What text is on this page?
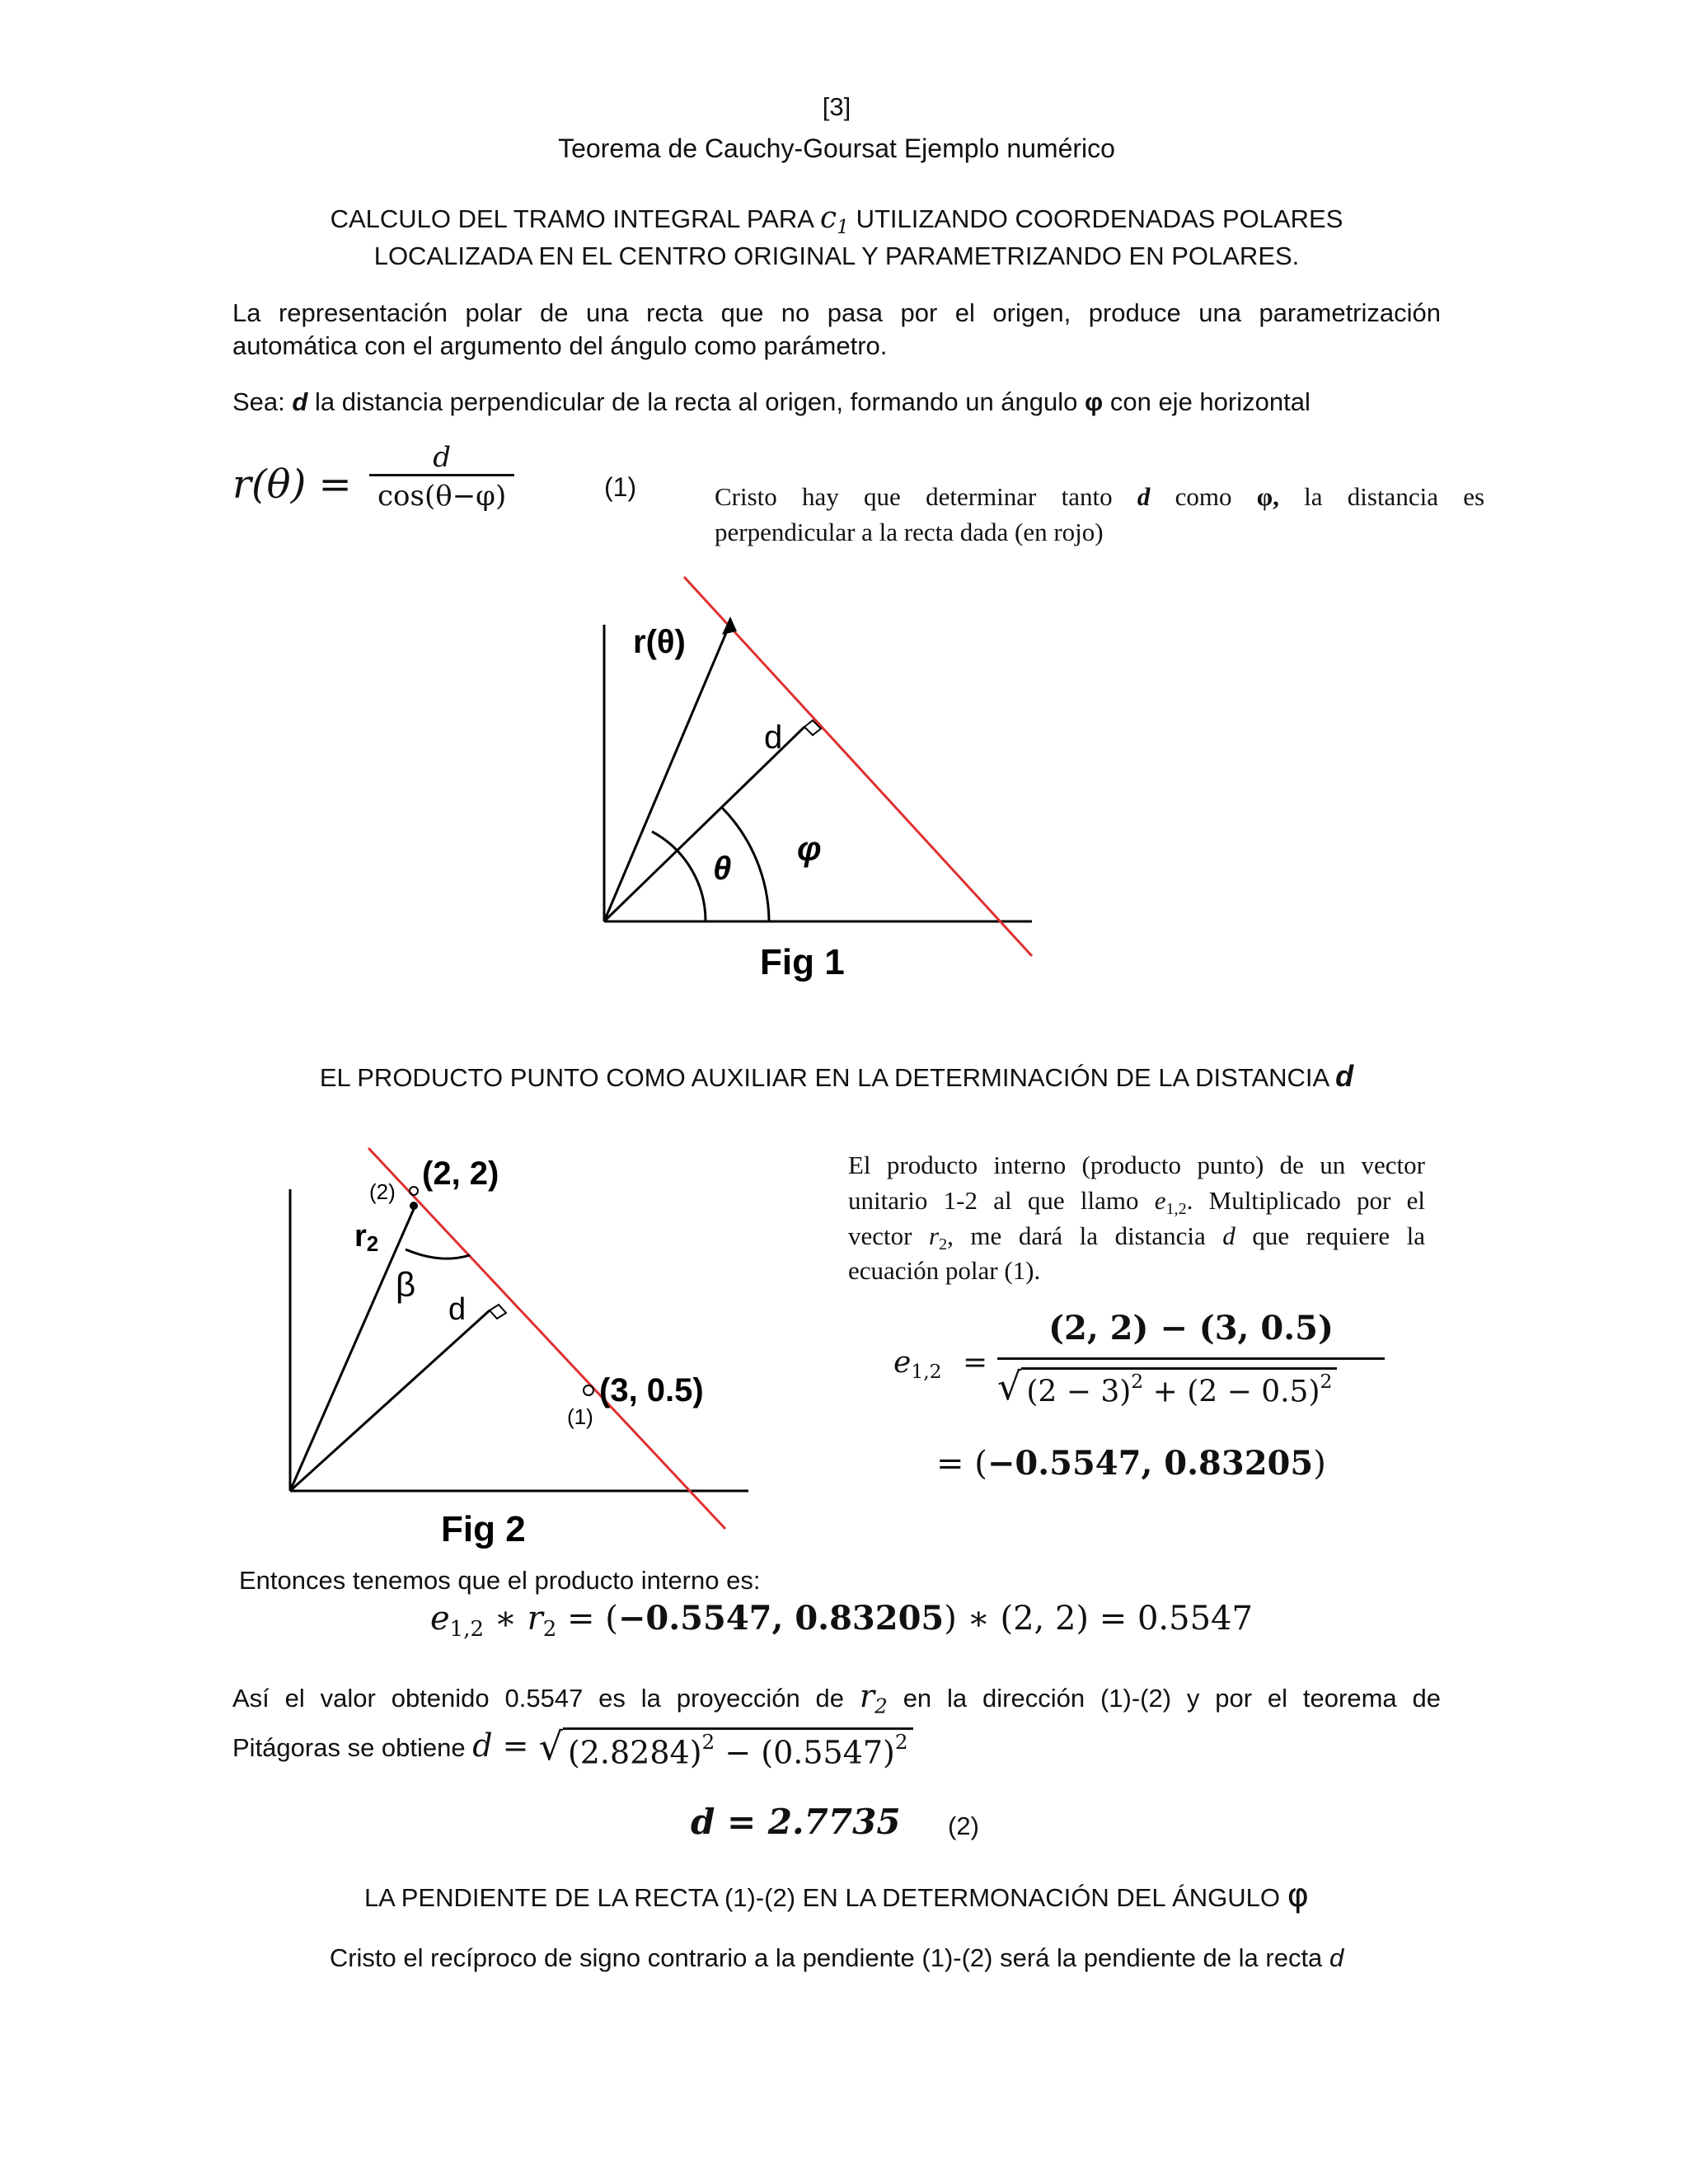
[3]
Teorema de Cauchy-Goursat Ejemplo numérico
CALCULO DEL TRAMO INTEGRAL PARA $c_1$ UTILIZANDO COORDENADAS POLARES
LOCALIZADA EN EL CENTRO ORIGINAL Y PARAMETRIZANDO EN POLARES.
La representación polar de una recta que no pasa por el origen, produce una parametrización
automática con el argumento del ángulo como parámetro.
Sea: d la distancia perpendicular de la recta al origen, formando un ángulo φ con eje horizontal
$r(\theta) = \frac{d}{\cos(\theta-\varphi)}$	(1)	Cristo hay que determinar tanto d como φ, la distancia es
perpendicular a la recta dada (en rojo)
r(θ)
d
θ
φ
Fig 1
EL PRODUCTO PUNTO COMO AUXILIAR EN LA DETERMINACIÓN DE LA DISTANCIA d
(2) (2, 2)
r2
β
d
(1)
(3, 0.5)
Fig 2
El producto interno (producto punto) de un vector
unitario 1-2 al que llamo $e_{1,2}$. Multiplicado por el
vector $r_2$, me dará la distancia d que requiere la
ecuación polar (1).
$e_{1,2}$ =
(2, 2) − (3, 0.5)
√ $(2 - 3)^2 + (2 - 0.5)^2$
= (−0.5547, 0.83205)
Entonces tenemos que el producto interno es:
$e_{1,2}$ ∗ $r_2 = (-0.5547$, 0.83205) ∗ (2, 2) = 0.5547
Así el valor obtenido 0.5547 es la proyección de $r_2$ en la dirección (1)-(2) y por el teorema de
Pitágoras se obtiene d = √ $(2.8284)^2 - (0.5547)^2$
d = 2.7735 (2)
LA PENDIENTE DE LA RECTA (1)-(2) EN LA DETERMONACIÓN DEL ÁNGULO φ
Cristo el recíproco de signo contrario a la pendiente (1)-(2) será la pendiente de la recta d
